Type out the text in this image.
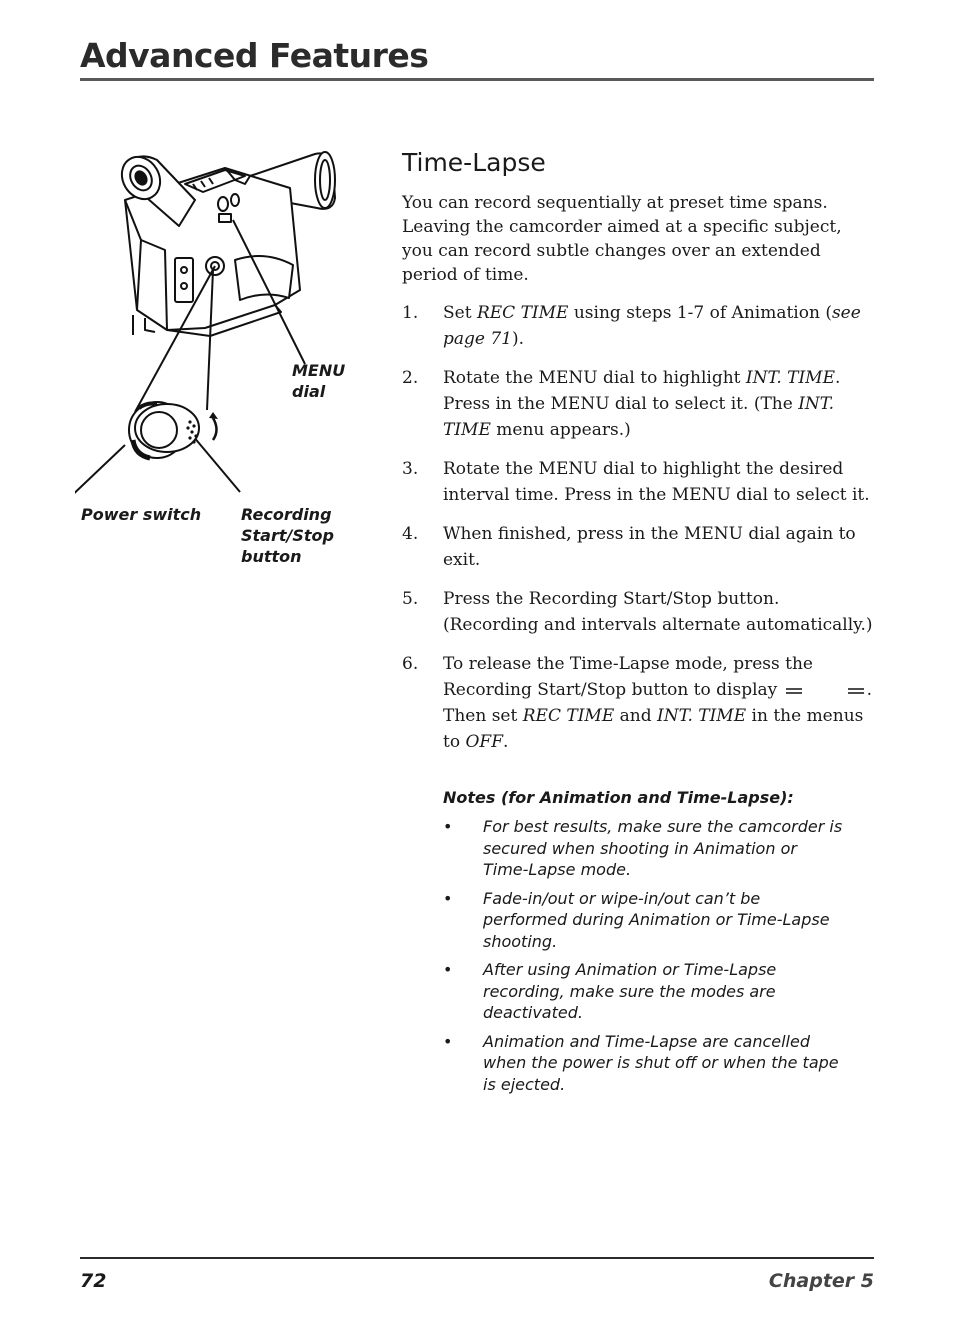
Advanced Features
MENU
dial
Power switch Recording
Start/Stop
button
Time-Lapse
You can record sequentially at preset time spans. Leaving the camcorder aimed at a specific subject, you can record subtle changes over an extended period of time.
1.	Set REC TIME using steps 1-7 of Animation (see page 71).
2.	Rotate the MENU dial to highlight INT. TIME. Press in the MENU dial to select it. (The INT. TIME menu appears.)
3.	Rotate the MENU dial to highlight the desired interval time. Press in the MENU dial to select it.
4.	When finished, press in the MENU dial again to exit.
5.	Press the Recording Start/Stop button. (Recording and intervals alternate automatically.)
6.	To release the Time-Lapse mode, press the Recording Start/Stop button to display	. Then set REC TIME and INT. TIME in the menus to OFF.
Notes (for Animation and Time-Lapse):
•	For best results, make sure the camcorder is secured when shooting in Animation or Time-Lapse mode.
•	Fade-in/out or wipe-in/out can’t be performed during Animation or Time-Lapse shooting.
•	After using Animation or Time-Lapse recording, make sure the modes are deactivated.
•	Animation and Time-Lapse are cancelled when the power is shut off or when the tape is ejected.
72	Chapter 5
